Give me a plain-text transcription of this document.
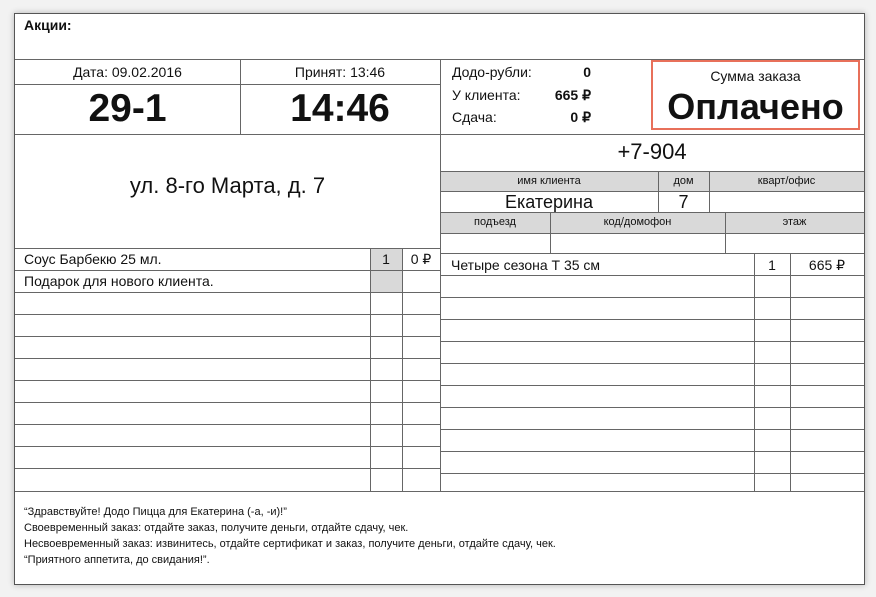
Акции:
Дата: 09.02.2016	Принят: 13:46
29-1	14:46
Додо-рубли:	0
У клиента:	665 ₽
Сдача:	0 ₽
Сумма заказа
Оплачено
ул. 8-го Марта, д. 7
+7-904
имя клиента	дом	кварт/офис
Екатерина	7
подъезд	код/домофон	этаж
Соус Барбекю 25 мл.	1	0 ₽
Подарок для нового клиента.
Четыре сезона Т 35 см	1	665 ₽
“Здравствуйте! Додо Пицца для Екатерина (-а, -и)!”
Своевременный заказ: отдайте заказ, получите деньги, отдайте сдачу, чек.
Несвоевременный заказ: извинитесь, отдайте сертификат и заказ, получите деньги, отдайте сдачу, чек.
“Приятного аппетита, до свидания!”.
